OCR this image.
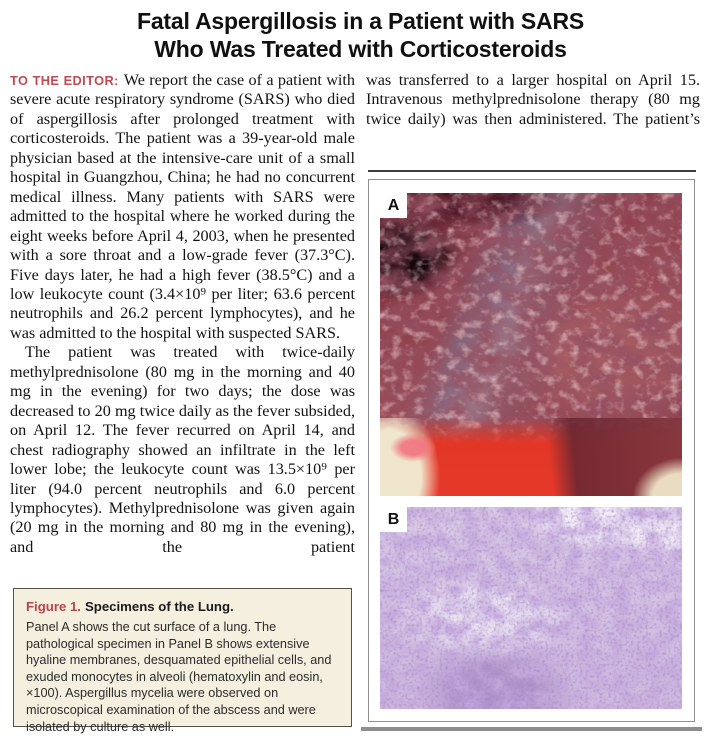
Fatal Aspergillosis in a Patient with SARS
Who Was Treated with Corticosteroids

TO THE EDITOR: We report the case of a patient with severe acute respiratory syndrome (SARS) who died of aspergillosis after prolonged treatment with corticosteroids. The patient was a 39-year-old male physician based at the intensive-care unit of a small hospital in Guangzhou, China; he had no concurrent medical illness. Many patients with SARS were admitted to the hospital where he worked during the eight weeks before April 4, 2003, when he presented with a sore throat and a low-grade fever (37.3°C). Five days later, he had a high fever (38.5°C) and a low leukocyte count (3.4×10⁹ per liter; 63.6 percent neutrophils and 26.2 percent lymphocytes), and he was admitted to the hospital with suspected SARS.

The patient was treated with twice-daily methylprednisolone (80 mg in the morning and 40 mg in the evening) for two days; the dose was decreased to 20 mg twice daily as the fever subsided, on April 12. The fever recurred on April 14, and chest radiography showed an infiltrate in the left lower lobe; the leukocyte count was 13.5×10⁹ per liter (94.0 percent neutrophils and 6.0 percent lymphocytes). Methylprednisolone was given again (20 mg in the morning and 80 mg in the evening), and the patient

was transferred to a larger hospital on April 15. Intravenous methylprednisolone therapy (80 mg twice daily) was then administered. The patient’s

A
B
Figure 1. Specimens of the Lung.
Panel A shows the cut surface of a lung. The pathological specimen in Panel B shows extensive hyaline membranes, desquamated epithelial cells, and exuded monocytes in alveoli (hematoxylin and eosin, ×100). Aspergillus mycelia were observed on microscopical examination of the abscess and were isolated by culture as well.
